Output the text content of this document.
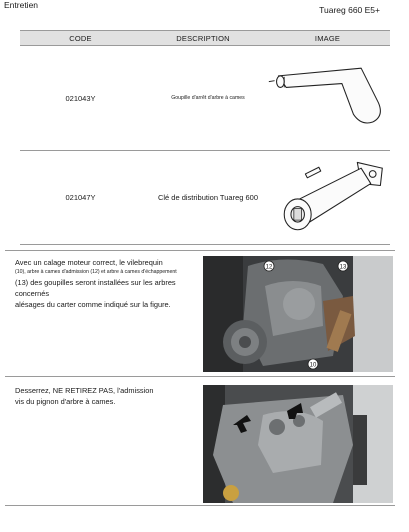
Entretien	Tuareg 660 E5+
CODE	DESCRIPTION	IMAGE
021043Y	Goupille d'arrêt d'arbre à cames
021047Y	Clé de distribution Tuareg 600
Avec un calage moteur correct, le vilebrequin
(10), arbre à cames d'admission (12) et arbre à cames d'échappement
(13) des goupilles seront installées sur les arbres concernés
alésages du carter comme indiqué sur la figure.
12	13
10
Desserrez, NE RETIREZ PAS, l'admission
vis du pignon d'arbre à cames.
